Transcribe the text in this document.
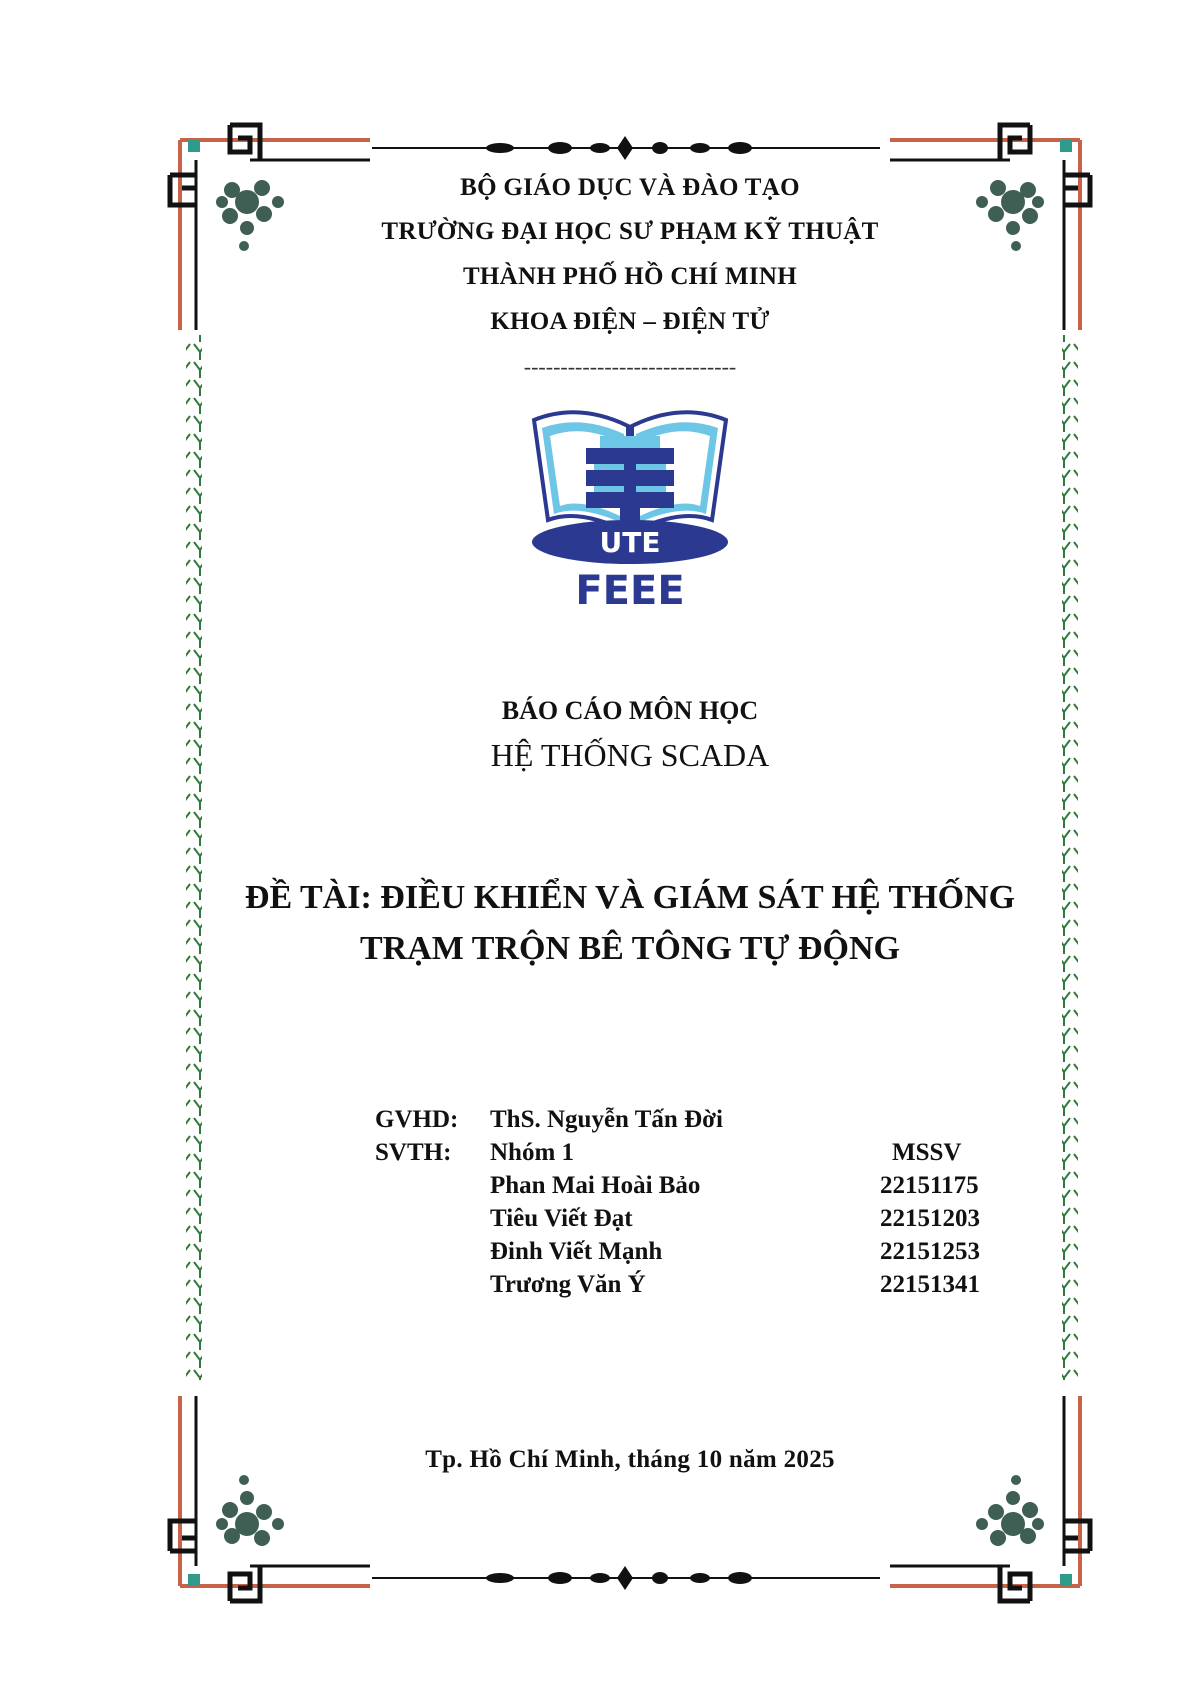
BỘ GIÁO DỤC VÀ ĐÀO TẠO
TRƯỜNG ĐẠI HỌC SƯ PHẠM KỸ THUẬT
THÀNH PHỐ HỒ CHÍ MINH
KHOA ĐIỆN – ĐIỆN TỬ
-----------------------------
UTE
FEEE
BÁO CÁO MÔN HỌC
HỆ THỐNG SCADA
ĐỀ TÀI: ĐIỀU KHIỂN VÀ GIÁM SÁT HỆ THỐNG
TRẠM TRỘN BÊ TÔNG TỰ ĐỘNG
GVHD: ThS. Nguyễn Tấn Đời
SVTH: Nhóm 1	MSSV
Phan Mai Hoài Bảo	22151175
Tiêu Viết Đạt	22151203
Đinh Viết Mạnh	22151253
Trương Văn Ý	22151341
Tp. Hồ Chí Minh, tháng 10 năm 2025
